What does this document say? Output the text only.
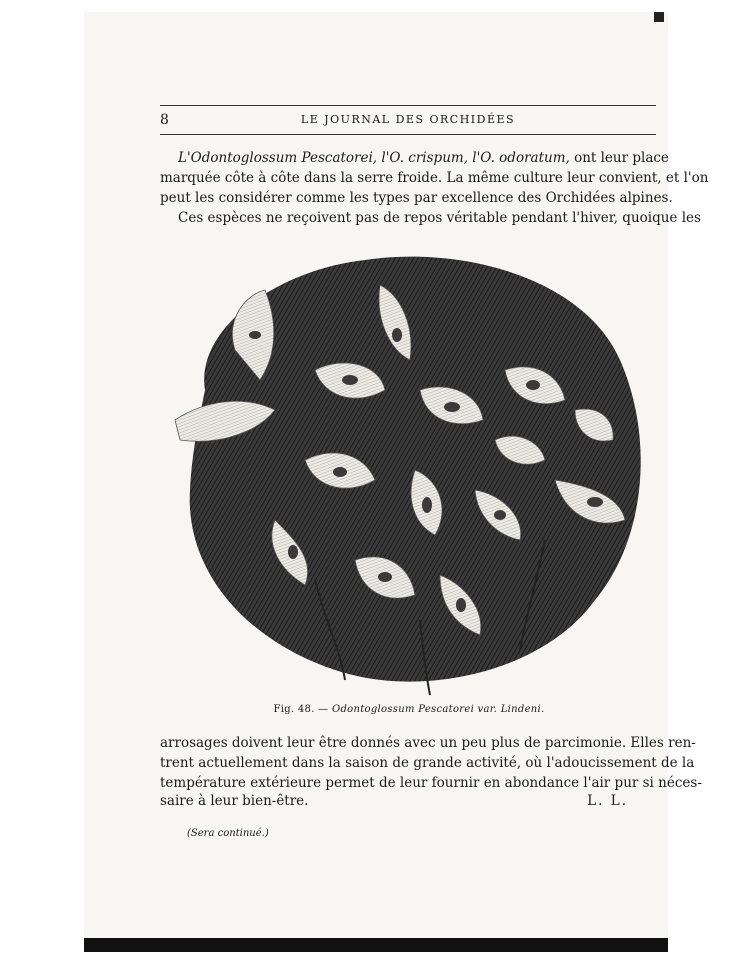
8	LE JOURNAL DES ORCHIDÉES
L'Odontoglossum Pescatorei, l'O. crispum, l'O. odoratum, ont leur place
marquée côte à côte dans la serre froide. La même culture leur convient, et l'on
peut les considérer comme les types par excellence des Orchidées alpines.
Ces espèces ne reçoivent pas de repos véritable pendant l'hiver, quoique les
Fig. 48. — Odontoglossum Pescatorei var. Lindeni.
arrosages doivent leur être donnés avec un peu plus de parcimonie. Elles ren-
trent actuellement dans la saison de grande activité, où l'adoucissement de la
température extérieure permet de leur fournir en abondance l'air pur si néces-
saire à leur bien-être.	L. L.
(Sera continué.)
